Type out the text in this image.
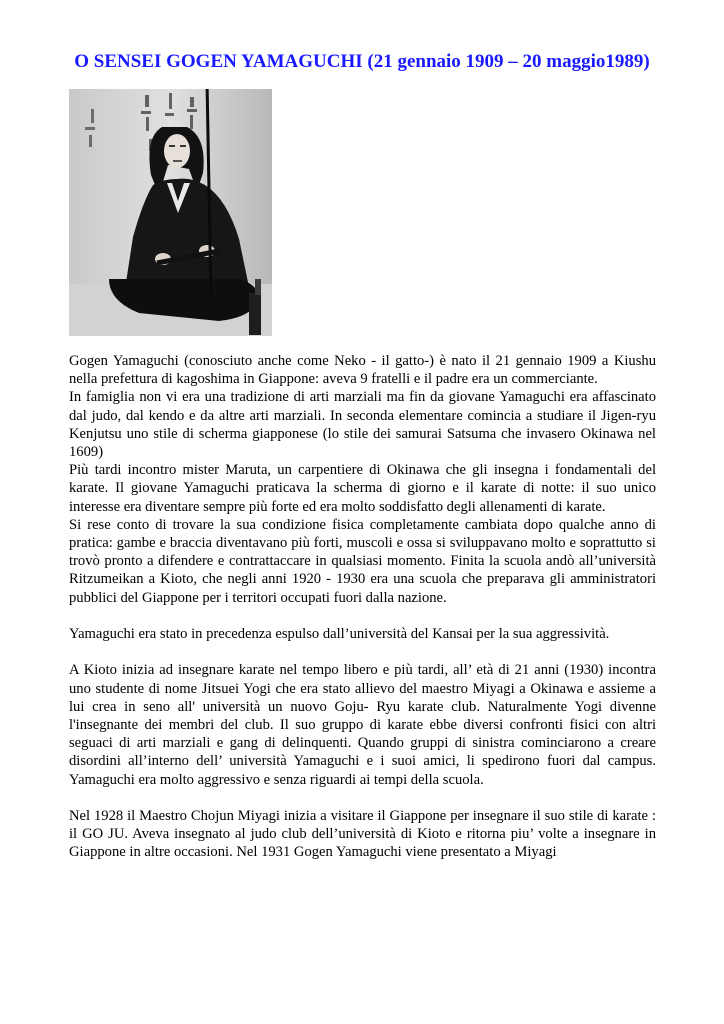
O SENSEI GOGEN YAMAGUCHI (21 gennaio 1909 – 20 maggio1989)

Gogen Yamaguchi (conosciuto anche come Neko - il gatto-) è nato il 21 gennaio 1909 a Kiushu nella prefettura di kagoshima in Giappone: aveva 9 fratelli e il padre era un commerciante.

In famiglia non vi era una tradizione di arti marziali ma fin da giovane Yamaguchi era affascinato dal judo, dal kendo e da altre arti marziali. In seconda elementare comincia a studiare il Jigen-ryu Kenjutsu uno stile di scherma giapponese (lo stile dei samurai Satsuma che invasero Okinawa nel 1609)

Più tardi incontro mister Maruta, un carpentiere di Okinawa che gli insegna i fondamentali del karate. Il giovane Yamaguchi praticava la scherma di giorno e il karate di notte: il suo unico interesse era diventare sempre più forte ed era molto soddisfatto degli allenamenti di karate.

Si rese conto di trovare la sua condizione fisica completamente cambiata dopo qualche anno di pratica: gambe e braccia diventavano più forti, muscoli e ossa si sviluppavano molto e soprattutto si trovò pronto a difendere e contrattaccare in qualsiasi momento. Finita la scuola andò all’università Ritzumeikan a Kioto, che negli anni 1920 - 1930 era una scuola che preparava gli amministratori pubblici del Giappone per i territori occupati fuori dalla nazione.

Yamaguchi era stato in precedenza espulso dall’università del Kansai per la sua aggressività.

A Kioto inizia ad insegnare karate nel tempo libero e più tardi, all’ età di 21 anni (1930) incontra uno studente di nome Jitsuei Yogi che era stato allievo del maestro Miyagi a Okinawa e assieme a lui crea in seno all' università un nuovo Goju- Ryu karate club. Naturalmente Yogi divenne l'insegnante dei membri del club. Il suo gruppo di karate ebbe diversi confronti fisici con altri seguaci di arti marziali e gang di delinquenti. Quando gruppi di sinistra cominciarono a creare disordini all’interno dell’ università Yamaguchi e i suoi amici, li spedirono fuori dal campus. Yamaguchi era molto aggressivo e senza riguardi ai tempi della scuola.

Nel 1928 il Maestro Chojun Miyagi inizia a visitare il Giappone per insegnare il suo stile di karate : il GO JU. Aveva insegnato al judo club dell’università di Kioto e ritorna piu’ volte a insegnare in Giappone in altre occasioni. Nel 1931 Gogen Yamaguchi viene presentato a Miyagi
